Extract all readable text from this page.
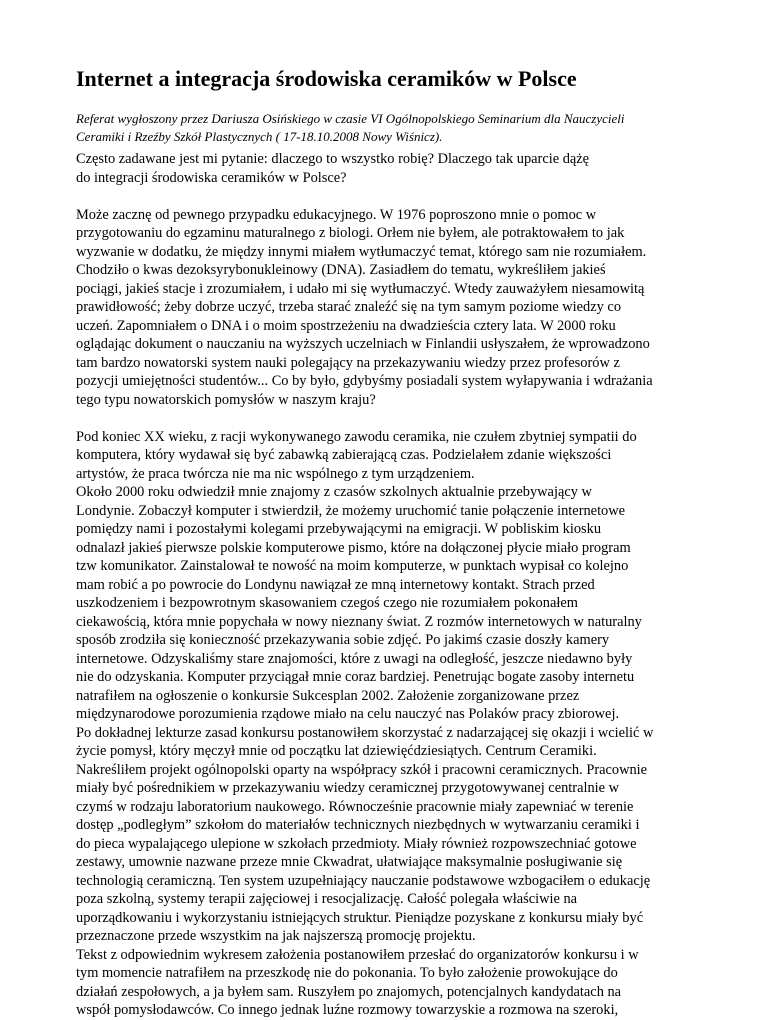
Internet a integracja środowiska ceramików w Polsce

Referat wygłoszony przez Dariusza Osińskiego w czasie VI Ogólnopolskiego Seminarium dla Nauczycieli
Ceramiki i Rzeźby Szkół Plastycznych ( 17-18.10.2008 Nowy Wiśnicz).

Często zadawane jest mi pytanie: dlaczego to wszystko robię? Dlaczego tak uparcie dążę
do integracji środowiska ceramików w Polsce?

Może zacznę od pewnego przypadku edukacyjnego. W 1976 poproszono mnie o pomoc w
przygotowaniu do egzaminu maturalnego z biologi. Orłem nie byłem, ale potraktowałem to jak
wyzwanie w dodatku, że między innymi miałem wytłumaczyć temat, którego sam nie rozumiałem.
Chodziło o kwas dezoksyrybonukleinowy (DNA). Zasiadłem do tematu, wykreśliłem jakieś
pociągi, jakieś stacje i zrozumiałem, i udało mi się wytłumaczyć. Wtedy zauważyłem niesamowitą
prawidłowość; żeby dobrze uczyć, trzeba starać znaleźć się na tym samym poziome wiedzy co
uczeń. Zapomniałem o DNA i o moim spostrzeżeniu na dwadzieścia cztery lata. W 2000 roku
oglądając dokument o nauczaniu na wyższych uczelniach w Finlandii usłyszałem, że wprowadzono
tam bardzo nowatorski system nauki polegający na przekazywaniu wiedzy przez profesorów z
pozycji umiejętności studentów... Co by było, gdybyśmy posiadali system wyłapywania i wdrażania
tego typu nowatorskich pomysłów w naszym kraju?

Pod koniec XX wieku, z racji wykonywanego zawodu ceramika, nie czułem zbytniej sympatii do
komputera, który wydawał się być zabawką zabierającą czas. Podzielałem zdanie większości
artystów, że praca twórcza nie ma nic wspólnego z tym urządzeniem.
Około 2000 roku odwiedził mnie znajomy z czasów szkolnych aktualnie przebywający w
Londynie. Zobaczył komputer i stwierdził, że możemy uruchomić tanie połączenie internetowe
pomiędzy nami i pozostałymi kolegami przebywającymi na emigracji. W pobliskim kiosku
odnalazł jakieś pierwsze polskie komputerowe pismo, które na dołączonej płycie miało program
tzw komunikator. Zainstalował te nowość na moim komputerze, w punktach wypisał co kolejno
mam robić a po powrocie do Londynu nawiązał ze mną internetowy kontakt. Strach przed
uszkodzeniem i bezpowrotnym skasowaniem czegoś czego nie rozumiałem pokonałem
ciekawością, która mnie popychała w nowy nieznany świat. Z rozmów internetowych w naturalny
sposób zrodziła się konieczność przekazywania sobie zdjęć. Po jakimś czasie doszły kamery
internetowe. Odzyskaliśmy stare znajomości, które z uwagi na odległość, jeszcze niedawno były
nie do odzyskania. Komputer przyciągał mnie coraz bardziej. Penetrując bogate zasoby internetu
natrafiłem na ogłoszenie o konkursie Sukcesplan 2002. Założenie zorganizowane przez
międzynarodowe porozumienia rządowe miało na celu nauczyć nas Polaków pracy zbiorowej.
Po dokładnej lekturze zasad konkursu postanowiłem skorzystać z nadarzającej się okazji i wcielić w
życie pomysł, który męczył mnie od początku lat dziewięćdziesiątych. Centrum Ceramiki.
Nakreśliłem projekt ogólnopolski oparty na współpracy szkół i pracowni ceramicznych. Pracownie
miały być pośrednikiem w przekazywaniu wiedzy ceramicznej przygotowywanej centralnie w
czymś w rodzaju laboratorium naukowego. Równocześnie pracownie miały zapewniać w terenie
dostęp „podległym” szkołom do materiałów technicznych niezbędnych w wytwarzaniu ceramiki i
do pieca wypalającego ulepione w szkołach przedmioty. Miały również rozpowszechniać gotowe
zestawy, umownie nazwane przeze mnie Ckwadrat, ułatwiające maksymalnie posługiwanie się
technologią ceramiczną. Ten system uzupełniający nauczanie podstawowe wzbogaciłem o edukację
poza szkolną, systemy terapii zajęciowej i resocjalizację. Całość polegała właściwie na
uporządkowaniu i wykorzystaniu istniejących struktur. Pieniądze pozyskane z konkursu miały być
przeznaczone przede wszystkim na jak najszerszą promocję projektu.
Tekst z odpowiednim wykresem założenia postanowiłem przesłać do organizatorów konkursu i w
tym momencie natrafiłem na przeszkodę nie do pokonania. To było założenie prowokujące do
działań zespołowych, a ja byłem sam. Ruszyłem po znajomych, potencjalnych kandydatach na
współ pomysłodawców. Co innego jednak luźne rozmowy towarzyskie a rozmowa na szeroki,
